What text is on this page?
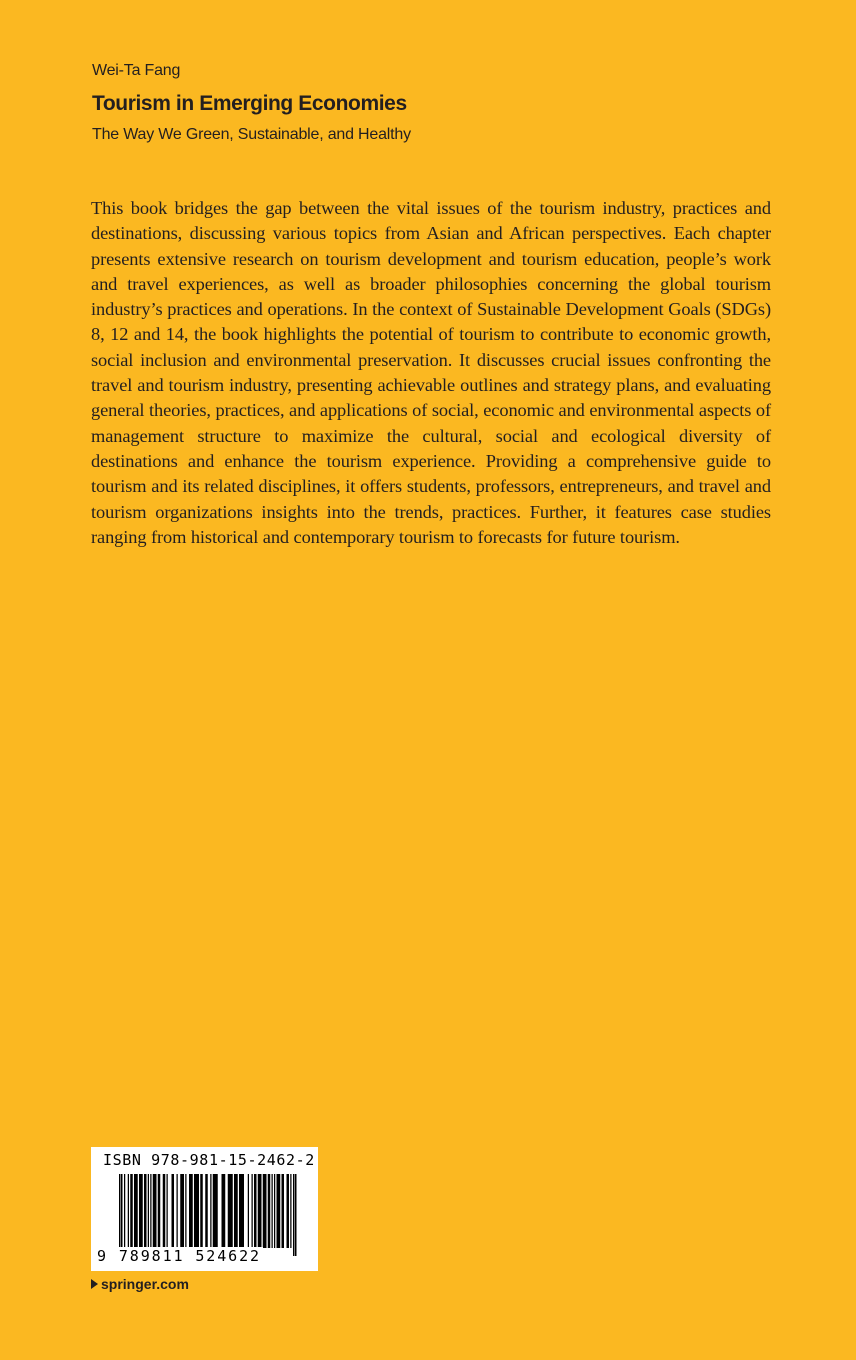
Wei-Ta Fang
Tourism in Emerging Economies
The Way We Green, Sustainable, and Healthy

This book bridges the gap between the vital issues of the tourism industry, practices and destinations, discussing various topics from Asian and African perspectives. Each chapter presents extensive research on tourism development and tourism education, people’s work and travel experiences, as well as broader philosophies concerning the global tourism industry’s practices and operations. In the context of Sustainable Development Goals (SDGs) 8, 12 and 14, the book highlights the potential of tourism to contribute to economic growth, social inclusion and environmental preservation. It discusses crucial issues confronting the travel and tourism industry, presenting achievable outlines and strategy plans, and evaluating general theories, practices, and applications of social, economic and environmental aspects of management structure to maximize the cultural, social and ecological diversity of destinations and enhance the tourism experience. Providing a comprehensive guide to tourism and its related disciplines, it offers students, professors, entrepreneurs, and travel and tourism organizations insights into the trends, practices. Further, it features case studies ranging from historical and contemporary tourism to forecasts for future tourism.

ISBN 978-981-15-2462-2
9 789811 524622
springer.com
